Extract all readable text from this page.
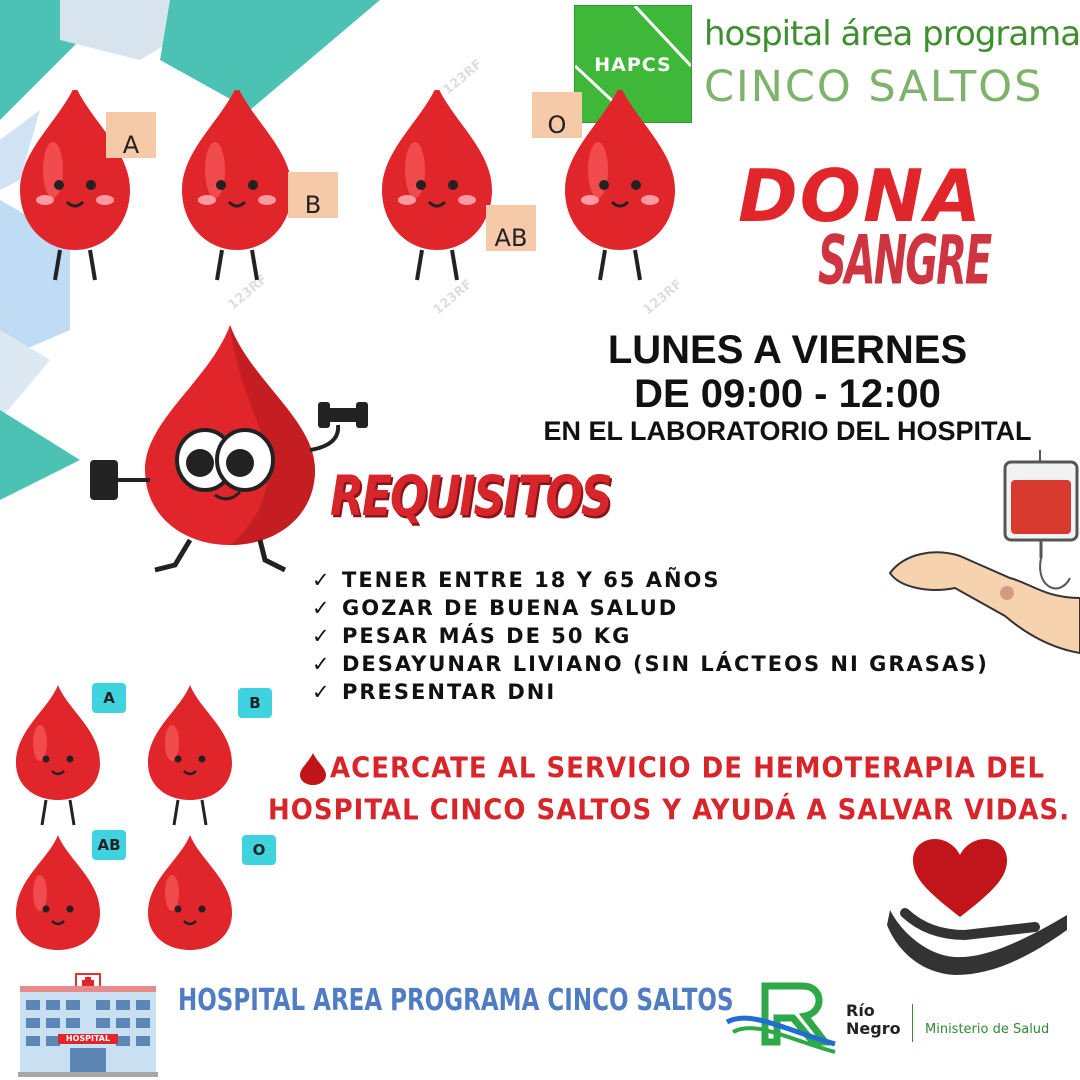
123RF
123RF	123RF	123RF
HAPCS
hospital área programa
CINCO SALTOS
A
B
AB
O
DONA
SANGRE
LUNES A VIERNES
DE 09:00 - 12:00
EN EL LABORATORIO DEL HOSPITAL
REQUISITOS
✓ TENER ENTRE 18 Y 65 AÑOS
✓ GOZAR DE BUENA SALUD
✓ PESAR MÁS DE 50 KG
✓ DESAYUNAR LIVIANO (SIN LÁCTEOS NI GRASAS)
✓ PRESENTAR DNI
A	B
AB	O
ACERCATE AL SERVICIO DE HEMOTERAPIA DEL
HOSPITAL CINCO SALTOS Y AYUDÁ A SALVAR VIDAS.
HOSPITAL
HOSPITAL AREA PROGRAMA CINCO SALTOS	Río
Negro Ministerio de Salud
